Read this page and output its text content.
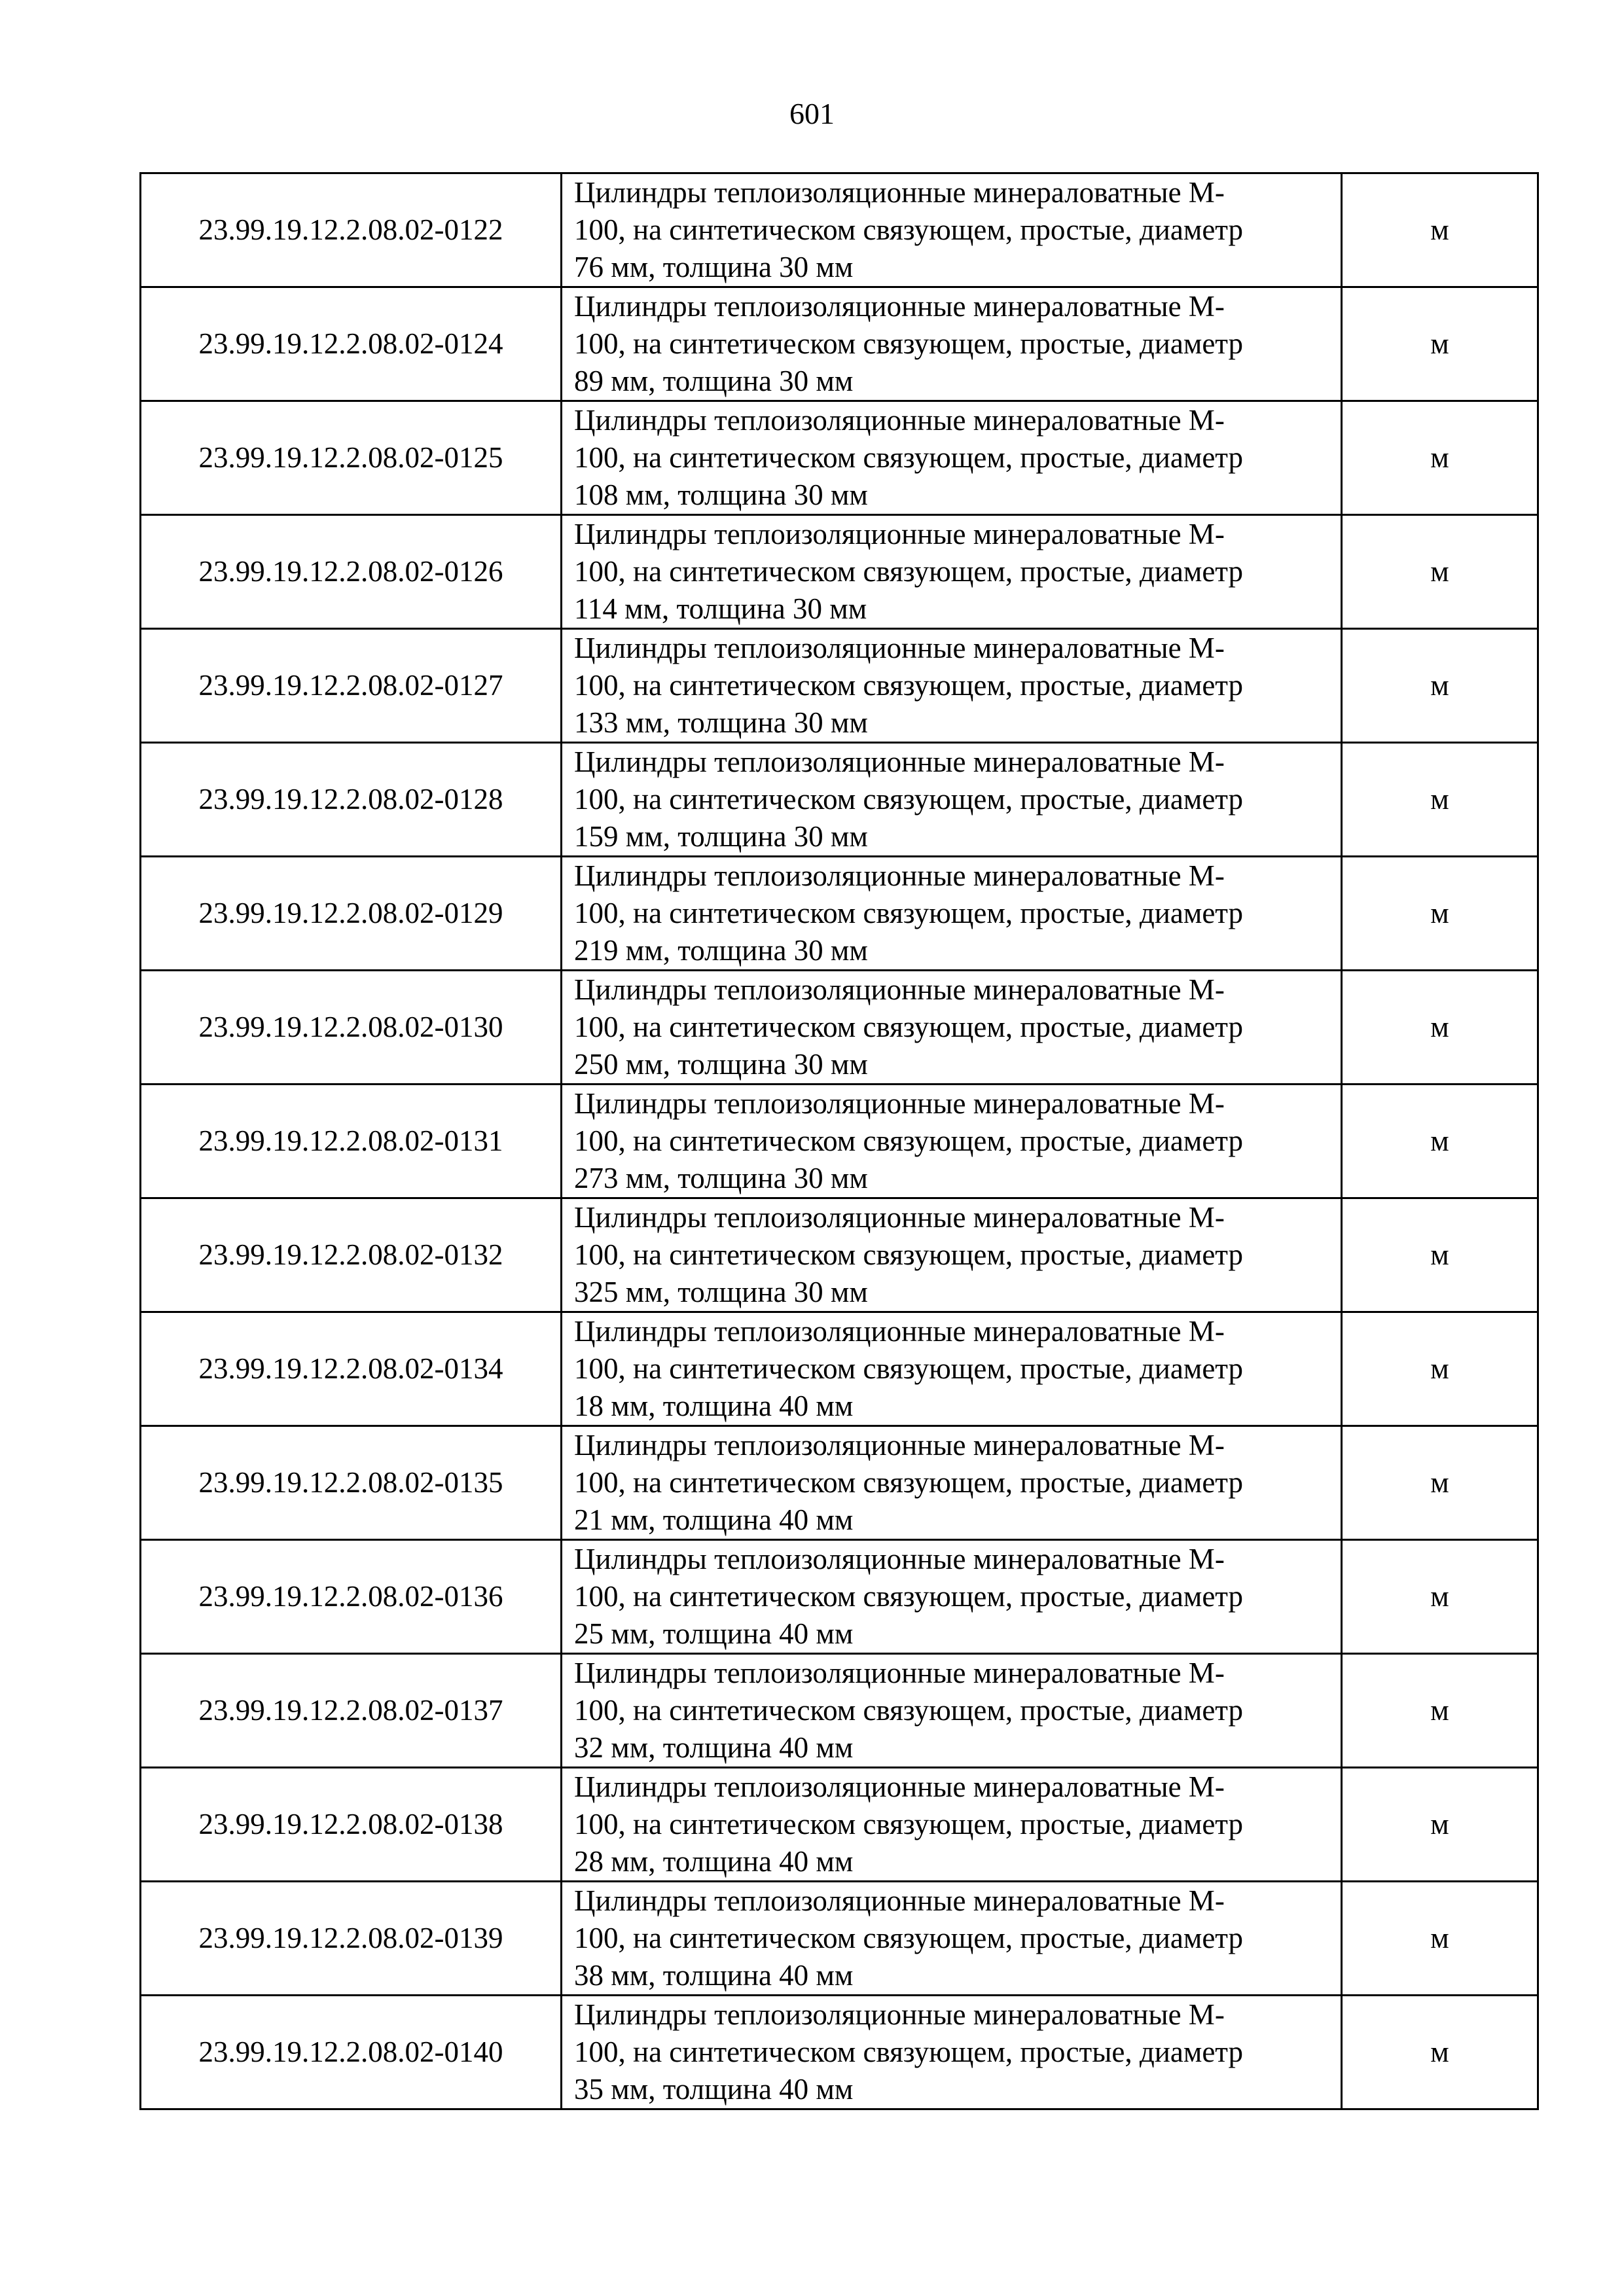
601
23.99.19.12.2.08.02-0122	Цилиндры теплоизоляционные минераловатные М-
100, на синтетическом связующем, простые, диаметр
76 мм, толщина 30 мм	м
23.99.19.12.2.08.02-0124	Цилиндры теплоизоляционные минераловатные М-
100, на синтетическом связующем, простые, диаметр
89 мм, толщина 30 мм	м
23.99.19.12.2.08.02-0125	Цилиндры теплоизоляционные минераловатные М-
100, на синтетическом связующем, простые, диаметр
108 мм, толщина 30 мм	м
23.99.19.12.2.08.02-0126	Цилиндры теплоизоляционные минераловатные М-
100, на синтетическом связующем, простые, диаметр
114 мм, толщина 30 мм	м
23.99.19.12.2.08.02-0127	Цилиндры теплоизоляционные минераловатные М-
100, на синтетическом связующем, простые, диаметр
133 мм, толщина 30 мм	м
23.99.19.12.2.08.02-0128	Цилиндры теплоизоляционные минераловатные М-
100, на синтетическом связующем, простые, диаметр
159 мм, толщина 30 мм	м
23.99.19.12.2.08.02-0129	Цилиндры теплоизоляционные минераловатные М-
100, на синтетическом связующем, простые, диаметр
219 мм, толщина 30 мм	м
23.99.19.12.2.08.02-0130	Цилиндры теплоизоляционные минераловатные М-
100, на синтетическом связующем, простые, диаметр
250 мм, толщина 30 мм	м
23.99.19.12.2.08.02-0131	Цилиндры теплоизоляционные минераловатные М-
100, на синтетическом связующем, простые, диаметр
273 мм, толщина 30 мм	м
23.99.19.12.2.08.02-0132	Цилиндры теплоизоляционные минераловатные М-
100, на синтетическом связующем, простые, диаметр
325 мм, толщина 30 мм	м
23.99.19.12.2.08.02-0134	Цилиндры теплоизоляционные минераловатные М-
100, на синтетическом связующем, простые, диаметр
18 мм, толщина 40 мм	м
23.99.19.12.2.08.02-0135	Цилиндры теплоизоляционные минераловатные М-
100, на синтетическом связующем, простые, диаметр
21 мм, толщина 40 мм	м
23.99.19.12.2.08.02-0136	Цилиндры теплоизоляционные минераловатные М-
100, на синтетическом связующем, простые, диаметр
25 мм, толщина 40 мм	м
23.99.19.12.2.08.02-0137	Цилиндры теплоизоляционные минераловатные М-
100, на синтетическом связующем, простые, диаметр
32 мм, толщина 40 мм	м
23.99.19.12.2.08.02-0138	Цилиндры теплоизоляционные минераловатные М-
100, на синтетическом связующем, простые, диаметр
28 мм, толщина 40 мм	м
23.99.19.12.2.08.02-0139	Цилиндры теплоизоляционные минераловатные М-
100, на синтетическом связующем, простые, диаметр
38 мм, толщина 40 мм	м
23.99.19.12.2.08.02-0140	Цилиндры теплоизоляционные минераловатные М-
100, на синтетическом связующем, простые, диаметр
35 мм, толщина 40 мм	м
